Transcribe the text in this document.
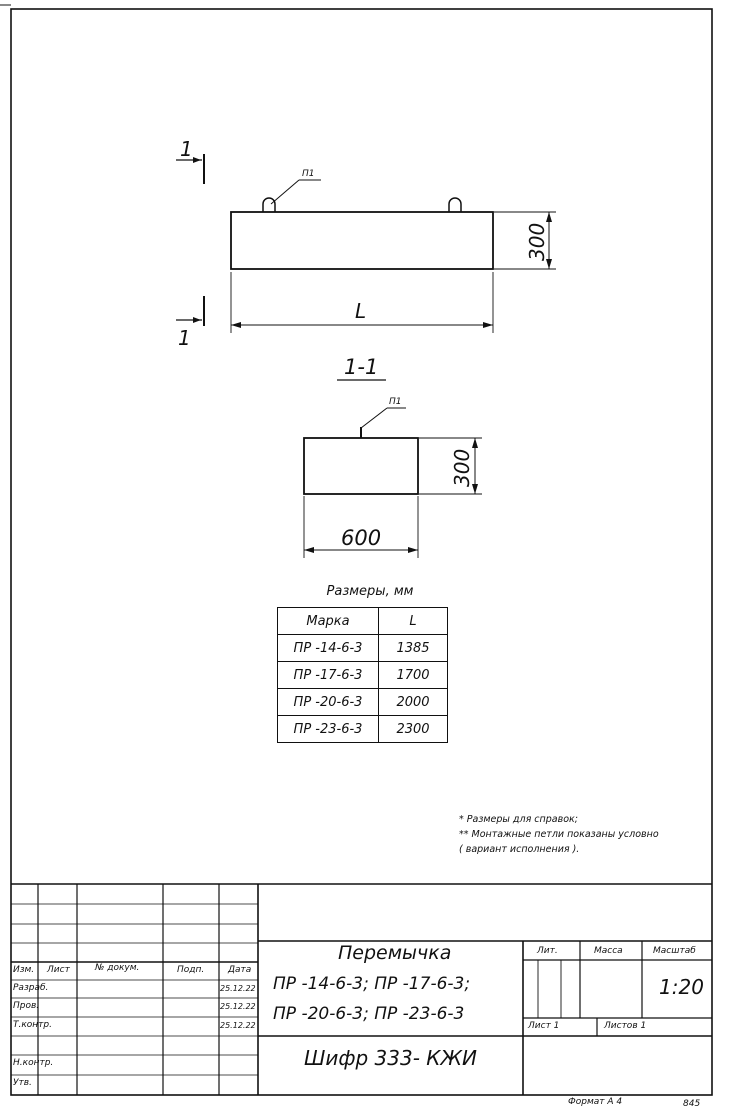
1
П1
300
L
1
1-1
П1
300
600
Размеры, мм
Марка	L
ПР -14-6-3	1385
ПР -17-6-3	1700
ПР -20-6-3	2000
ПР -23-6-3	2300
* Размеры для справок;
** Монтажные петли показаны условно
( вариант исполнения ).
Изм. Лист	№ докум.	Подп.	Дата
Разраб.	25.12.22
Пров.	25.12.22
Т.контр.	25.12.22
Н.контр.
Утв.
Перемычка
ПР -14-6-3; ПР -17-6-3;
ПР -20-6-3; ПР -23-6-3
Лит.	Масса	Масштаб
1:20
Лист 1	Листов 1
Шифр 333- КЖИ
Формат А 4	845
